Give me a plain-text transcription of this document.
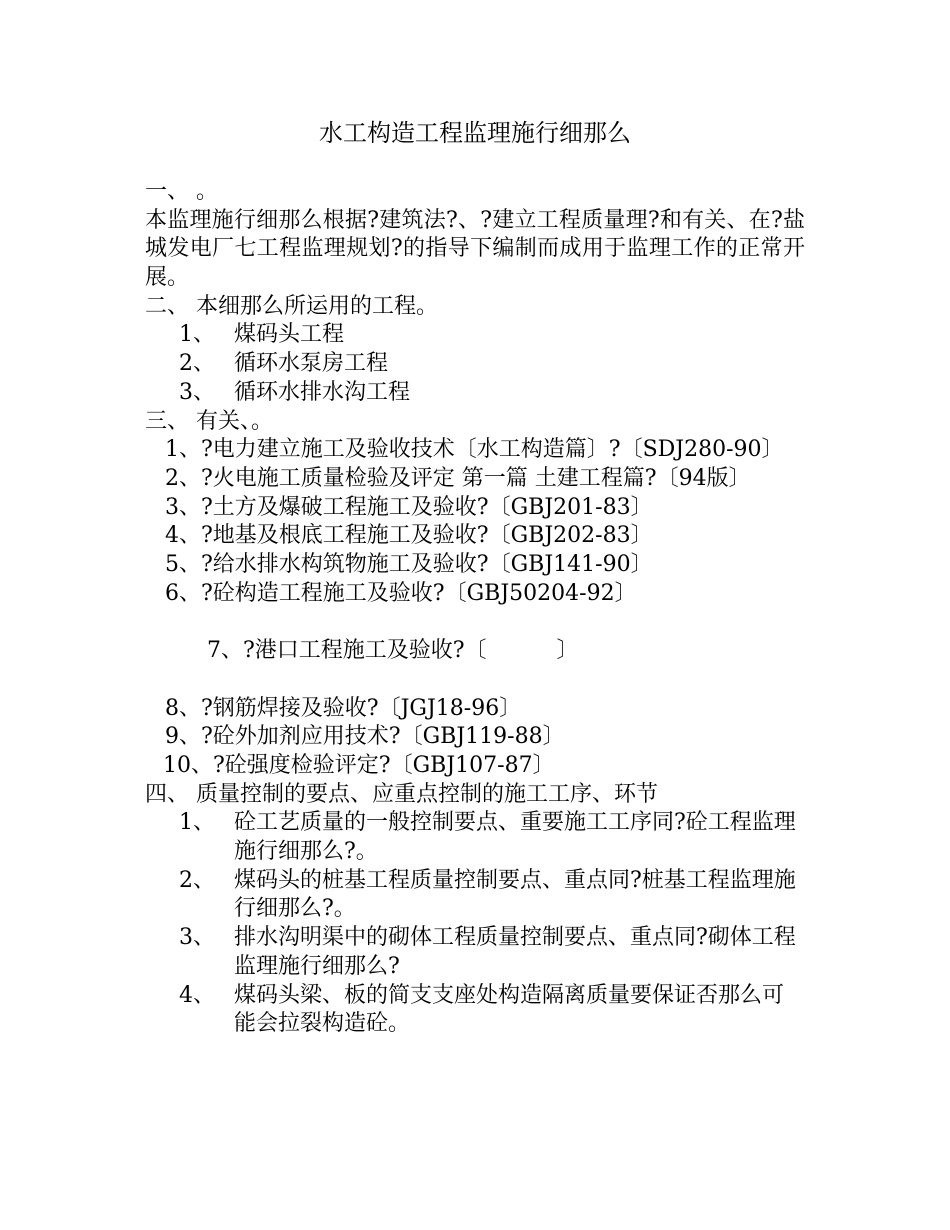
水工构造工程监理施行细那么
一、 。
本监理施行细那么根据?建筑法?、?建立工程质量理?和有关、在?盐城发电厂七工程监理规划?的指导下编制而成用于监理工作的正常开展。
二、 本细那么所运用的工程。
1、 煤码头工程
2、 循环水泵房工程
3、 循环水排水沟工程
三、 有关、。
1、?电力建立施工及验收技术〔水工构造篇〕?〔SDJ280-90〕
2、?火电施工质量检验及评定 第一篇 土建工程篇?〔94版〕
3、?土方及爆破工程施工及验收?〔GBJ201-83〕
4、?地基及根底工程施工及验收?〔GBJ202-83〕
5、?给水排水构筑物施工及验收?〔GBJ141-90〕
6、?砼构造工程施工及验收?〔GBJ50204-92〕

7、?港口工程施工及验收?〔          〕

8、?钢筋焊接及验收?〔JGJ18-96〕
9、?砼外加剂应用技术?〔GBJ119-88〕
10、?砼强度检验评定?〔GBJ107-87〕
四、 质量控制的要点、应重点控制的施工工序、环节
1、 砼工艺质量的一般控制要点、重要施工工序同?砼工程监理施行细那么?。
2、 煤码头的桩基工程质量控制要点、重点同?桩基工程监理施行细那么?。
3、 排水沟明渠中的砌体工程质量控制要点、重点同?砌体工程监理施行细那么?
4、 煤码头梁、板的简支支座处构造隔离质量要保证否那么可能会拉裂构造砼。
